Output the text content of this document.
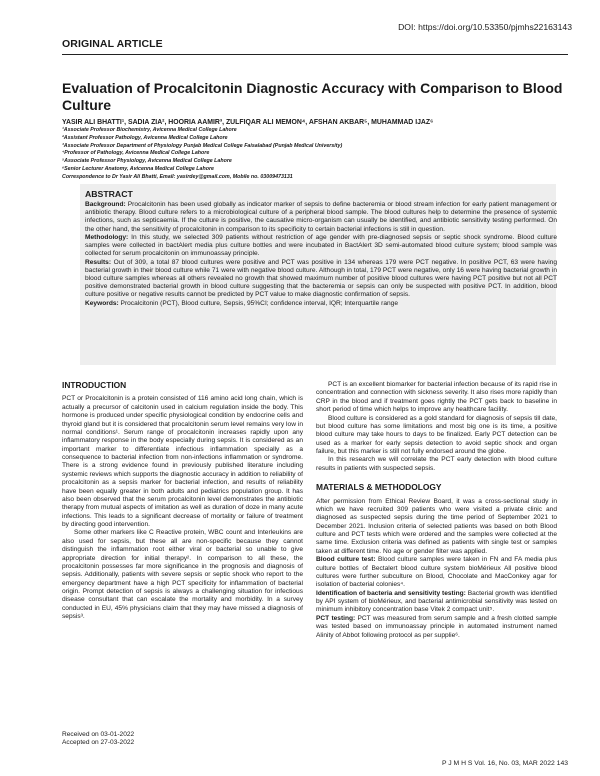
DOI: https://doi.org/10.53350/pjmhs22163143
ORIGINAL ARTICLE
Evaluation of Procalcitonin Diagnostic Accuracy with Comparison to Blood Culture
YASIR ALI BHATTI¹, SADIA ZIA², HOORIA AAMIR³, ZULFIQAR ALI MEMON⁴, AFSHAN AKBAR⁵, MUHAMMAD IJAZ⁶
¹Associate Professor Biochemistry, Avicenna Medical College Lahore
²Assistant Professor Pathology, Avicenna Medical College Lahore
³Associate Professor Department of Physiology Punjab Medical College Faisalabad (Punjab Medical University)
⁴Professor of Pathology, Avicenna Medical College Lahore
⁵Associate Professor Physiology, Avicenna Medical College Lahore
⁶Senior Lecturer Anatomy, Avicenna Medical College Lahore
Correspondence to Dr Yasir Ali Bhatti, Email: yasirdey@gmail.com, Mobile no. 03009473131
ABSTRACT

Background: Procalcitonin has been used globally as indicator marker of sepsis to define bacteremia or blood stream infection for early patient management or antibiotic therapy. Blood culture refers to a microbiological culture of a peripheral blood sample. The blood cultures help to determine the presence of systemic infections, such as septicaemia. If the culture is positive, the causative micro-organism can usually be identified, and antibiotic sensitivity testing performed. On the other hand, the sensitivity of procalcitonin in comparison to its specificity to certain bacterial infections is still in question.

Methodology: In this study, we selected 309 patients without restriction of age gender with pre-diagnosed sepsis or septic shock syndrome. Blood culture samples were collected in bactAlert media plus culture bottles and were incubated in BactAlert 3D semi-automated blood culture system; blood sample was collected for serum procalcitonin on immunoassay principle.

Results: Out of 309, a total 87 blood cultures were positive and PCT was positive in 134 whereas 179 were PCT negative. In positive PCT, 63 were having bacterial growth in their blood culture while 71 were with negative blood culture. Although in total, 179 PCT were negative, only 16 were having bacterial growth in blood culture samples whereas all others revealed no growth that showed maximum number of positive blood cultures were having PCT positive but not all PCT positive demonstrated bacterial growth in blood culture suggesting that the bacteremia or sepsis can only be suspected with positive PCT. In addition, blood culture positive or negative results cannot be predicted by PCT value to make diagnostic confirmation of sepsis.

Keywords: Procalcitonin (PCT), Blood culture, Sepsis, 95%CI; confidence interval, IQR; Interquartile range

INTRODUCTION

PCT or Procalcitonin is a protein consisted of 116 amino acid long chain, which is actually a precursor of calcitonin used in calcium regulation inside the body. This hormone is produced under specific physiological condition by endocrine cells and thyroid gland but it is considered that procalcitonin serum level remains very low in normal conditions¹. Serum range of procalcitonin increases rapidly upon any inflammatory response in the body especially during sepsis. It is considered as an important marker to differentiate infectious inflammation specially as a consequence to bacterial infection from non-infections inflammation or syndrome. There is a strong evidence found in previously published literature including systemic reviews which supports the diagnostic accuracy in addition to reliability of procalcitonin as a sepsis marker for bacterial infection, and results of reliability have been equally greater in both adults and pediatrics population group. It has also been observed that the serum procalcitonin level demonstrates the antibiotic therapy from mutual aspects of imitation as well as duration of doze in many acute infections. This leads to a significant decrease of mortality or failure of treatment by directing good intervention.

Some other markers like C Reactive protein, WBC count and Interleukins are also used for sepsis, but these all are non-specific because they cannot distinguish the inflammation root either viral or bacterial so unable to give appropriate direction for initial therapy². In comparison to all these, the procalcitonin possesses far more significance in the prognosis and diagnosis of sepsis. Additionally, patients with severe sepsis or septic shock who report to the emergency department have a high PCT specificity for inflammation of bacterial origin. Prompt detection of sepsis is always a challenging situation for infectious disease consultant that can escalate the mortality and morbidity. In a survey conducted in EU, 45% physicians claim that they may have missed a diagnosis of sepsis³.

Received on 03-01-2022
Accepted on 27-03-2022

PCT is an excellent biomarker for bacterial infection because of its rapid rise in concentration and connection with sickness severity. It also rises more rapidly than CRP in the blood and if treatment goes rightly the PCT gets back to baseline in short period of time which helps to improve any healthcare facility.

Blood culture is considered as a gold standard for diagnosis of sepsis till date, but blood culture has some limitations and most big one is its time, a positive blood culture may take hours to days to be finalized. Early PCT detection can be used as a marker for early sepsis detection to avoid septic shock and organ failure, but this marker is still not fully endorsed around the globe.

In this research we will correlate the PCT early detection with blood culture results in patients with suspected sepsis.

MATERIALS & METHODOLOGY

After permission from Ethical Review Board, it was a cross-sectional study in which we have recruited 309 patients who were visited a private clinic and diagnosed as suspected sepsis during the time period of September 2021 to December 2021. Inclusion criteria of selected patients was based on both Blood culture and PCT tests which were ordered and the samples were collected at the same time. Exclusion criteria was defined as patients with single test or samples taken at different time. No age or gender filter was applied.

Blood culture test: Blood culture samples were taken in FN and FA media plus culture bottles of Bectalert blood culture system bioMérieux All positive blood cultures were further subculture on Blood, Chocolate and MacConkey agar for isolation of bacterial colonies⁴.

Identification of bacteria and sensitivity testing: Bacterial growth was identified by API system of bioMérieux, and bacterial antimicrobial sensitivity was tested on minimum inhibitory concentration base Vitek 2 compact unit⁵.

PCT testing: PCT was measured from serum sample and a fresh clotted sample was tested based on immunoassay principle in automated instrument named Alinity of Abbot following protocol as per supplie⁶.

P J M H S Vol. 16, No. 03, MAR 2022 143
